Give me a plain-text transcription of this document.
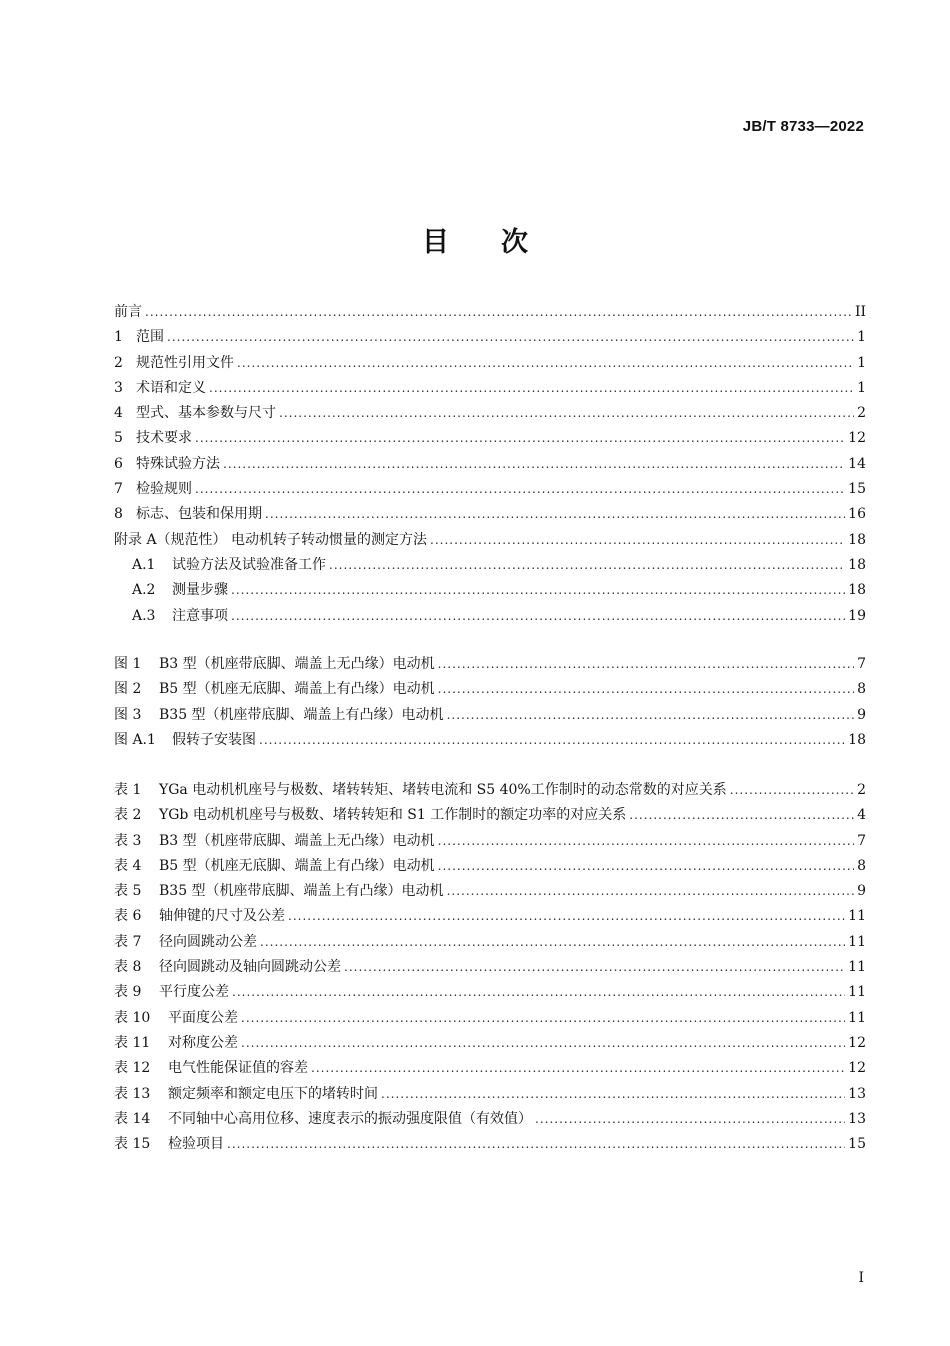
JB/T 8733—2022
目次
前言 .....	II
1 范围 .....	1
2 规范性引用文件 .....	1
3 术语和定义 .....	1
4 型式、基本参数与尺寸 .....	2
5 技术要求 .....	12
6 特殊试验方法 .....	14
7 检验规则 .....	15
8 标志、包装和保用期 .....	16
附录 A（规范性） 电动机转子转动惯量的测定方法 .....	18
A.1	试验方法及试验准备工作 .....	18
A.2	测量步骤 .....	18
A.3	注意事项 .....	19
图 1	B3 型（机座带底脚、端盖上无凸缘）电动机 .....	7
图 2	B5 型（机座无底脚、端盖上有凸缘）电动机 .....	8
图 3	B35 型（机座带底脚、端盖上有凸缘）电动机 .....	9
图 A.1 假转子安装图 .....	18
表 1	YGa 电动机机座号与极数、堵转转矩、堵转电流和 S5 40%工作制时的动态常数的对应关系 .....	2
表 2	YGb 电动机机座号与极数、堵转转矩和 S1 工作制时的额定功率的对应关系 .....	4
表 3	B3 型（机座带底脚、端盖上无凸缘）电动机 .....	7
表 4	B5 型（机座无底脚、端盖上有凸缘）电动机 .....	8
表 5	B35 型（机座带底脚、端盖上有凸缘）电动机 .....	9
表 6	轴伸键的尺寸及公差 .....	11
表 7	径向圆跳动公差 .....	11
表 8	径向圆跳动及轴向圆跳动公差 .....	11
表 9	平行度公差 .....	11
表 10	平面度公差 .....	11
表 11	对称度公差 .....	12
表 12	电气性能保证值的容差 .....	12
表 13	额定频率和额定电压下的堵转时间 .....	13
表 14	不同轴中心高用位移、速度表示的振动强度限值（有效值） .....	13
表 15	检验项目 .....	15
I
